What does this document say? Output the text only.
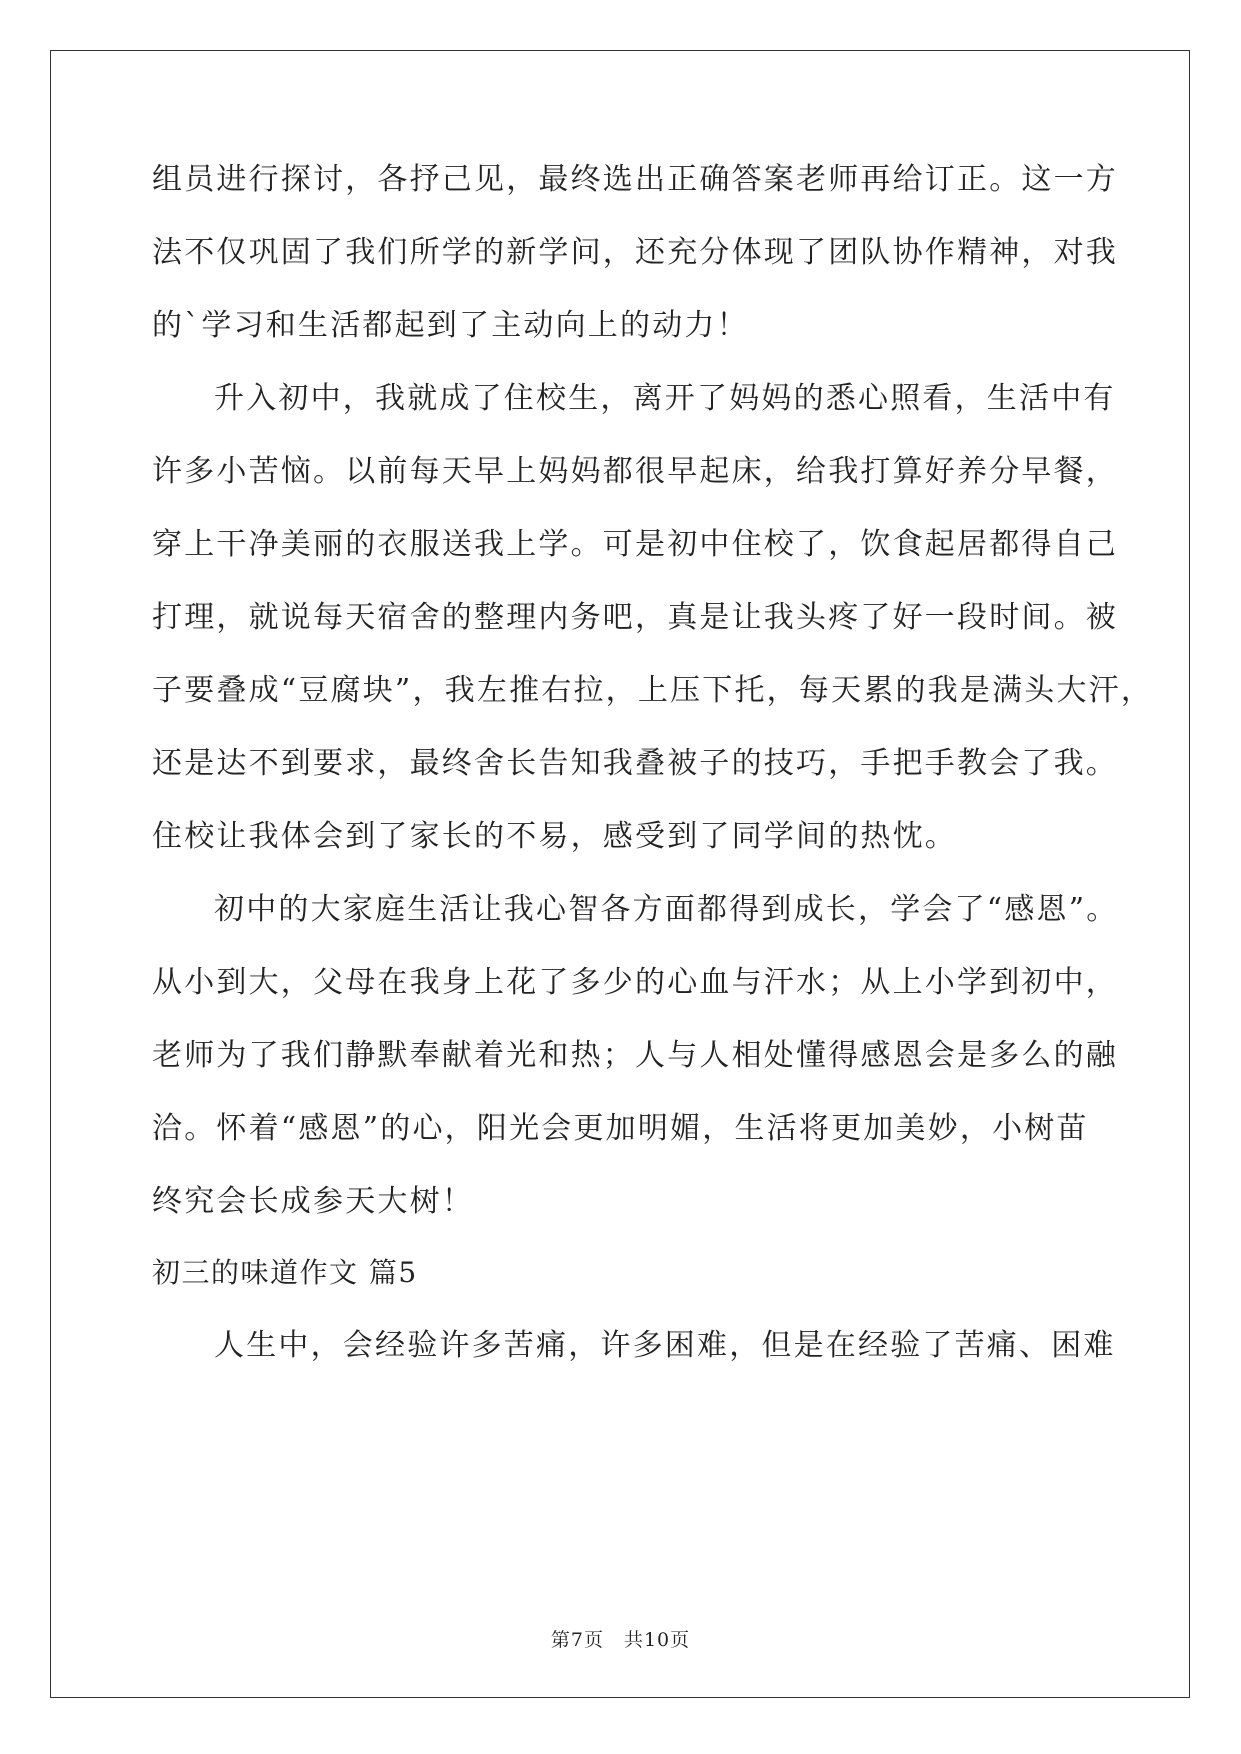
组员进行探讨，各抒己见，最终选出正确答案老师再给订正。这一方
法不仅巩固了我们所学的新学问，还充分体现了团队协作精神，对我
的`学习和生活都起到了主动向上的动力！
升入初中，我就成了住校生，离开了妈妈的悉心照看，生活中有
许多小苦恼。以前每天早上妈妈都很早起床，给我打算好养分早餐，
穿上干净美丽的衣服送我上学。可是初中住校了，饮食起居都得自己
打理，就说每天宿舍的整理内务吧，真是让我头疼了好一段时间。被
子要叠成“豆腐块”，我左推右拉，上压下托，每天累的我是满头大汗，
还是达不到要求，最终舍长告知我叠被子的技巧，手把手教会了我。
住校让我体会到了家长的不易，感受到了同学间的热忱。
初中的大家庭生活让我心智各方面都得到成长，学会了“感恩”。
从小到大，父母在我身上花了多少的心血与汗水；从上小学到初中，
老师为了我们静默奉献着光和热；人与人相处懂得感恩会是多么的融
洽。怀着“感恩”的心，阳光会更加明媚，生活将更加美妙，小树苗
终究会长成参天大树！
初三的味道作文 篇5
人生中，会经验许多苦痛，许多困难，但是在经验了苦痛、困难
第7页　共10页
